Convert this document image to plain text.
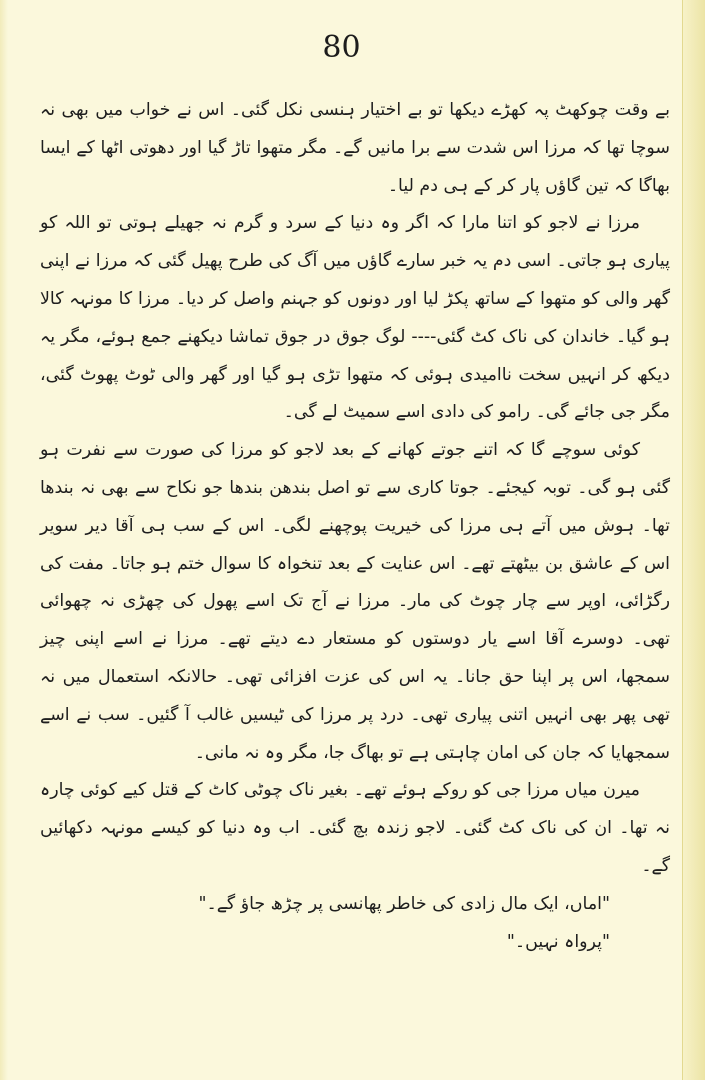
80

بے وقت چوکھٹ پہ کھڑے دیکھا تو بے اختیار ہنسی نکل گئی۔ اس نے خواب میں بھی نہ سوچا تھا کہ مرزا اس شدت سے برا مانیں گے۔ مگر متھوا تاڑ گیا اور دھوتی اٹھا کے ایسا بھاگا کہ تین گاؤں پار کر کے ہی دم لیا۔

مرزا نے لاجو کو اتنا مارا کہ اگر وہ دنیا کے سرد و گرم نہ جھیلے ہوتی تو اللہ کو پیاری ہو جاتی۔ اسی دم یہ خبر سارے گاؤں میں آگ کی طرح پھیل گئی کہ مرزا نے اپنی گھر والی کو متھوا کے ساتھ پکڑ لیا اور دونوں کو جہنم واصل کر دیا۔ مرزا کا مونہہ کالا ہو گیا۔ خاندان کی ناک کٹ گئی---- لوگ جوق در جوق تماشا دیکھنے جمع ہوئے، مگر یہ دیکھ کر انہیں سخت ناامیدی ہوئی کہ متھوا تڑی ہو گیا اور گھر والی ٹوٹ پھوٹ گئی، مگر جی جائے گی۔ رامو کی دادی اسے سمیٹ لے گی۔

کوئی سوچے گا کہ اتنے جوتے کھانے کے بعد لاجو کو مرزا کی صورت سے نفرت ہو گئی ہو گی۔ توبہ کیجئے۔ جوتا کاری سے تو اصل بندھن بندھا جو نکاح سے بھی نہ بندھا تھا۔ ہوش میں آتے ہی مرزا کی خیریت پوچھنے لگی۔ اس کے سب ہی آقا دیر سویر اس کے عاشق بن بیٹھتے تھے۔ اس عنایت کے بعد تنخواہ کا سوال ختم ہو جاتا۔ مفت کی رگڑائی، اوپر سے چار چوٹ کی مار۔ مرزا نے آج تک اسے پھول کی چھڑی نہ چھوائی تھی۔ دوسرے آقا اسے یار دوستوں کو مستعار دے دیتے تھے۔ مرزا نے اسے اپنی چیز سمجھا، اس پر اپنا حق جانا۔ یہ اس کی عزت افزائی تھی۔ حالانکہ استعمال میں نہ تھی پھر بھی انہیں اتنی پیاری تھی۔ درد پر مرزا کی ٹیسیں غالب آ گئیں۔ سب نے اسے سمجھایا کہ جان کی امان چاہتی ہے تو بھاگ جا، مگر وہ نہ مانی۔

میرن میاں مرزا جی کو روکے ہوئے تھے۔ بغیر ناک چوٹی کاٹ کے قتل کیے کوئی چارہ نہ تھا۔ ان کی ناک کٹ گئی۔ لاجو زندہ بچ گئی۔ اب وہ دنیا کو کیسے مونہہ دکھائیں گے۔

"اماں، ایک مال زادی کی خاطر پھانسی پر چڑھ جاؤ گے۔"

"پرواہ نہیں۔"
